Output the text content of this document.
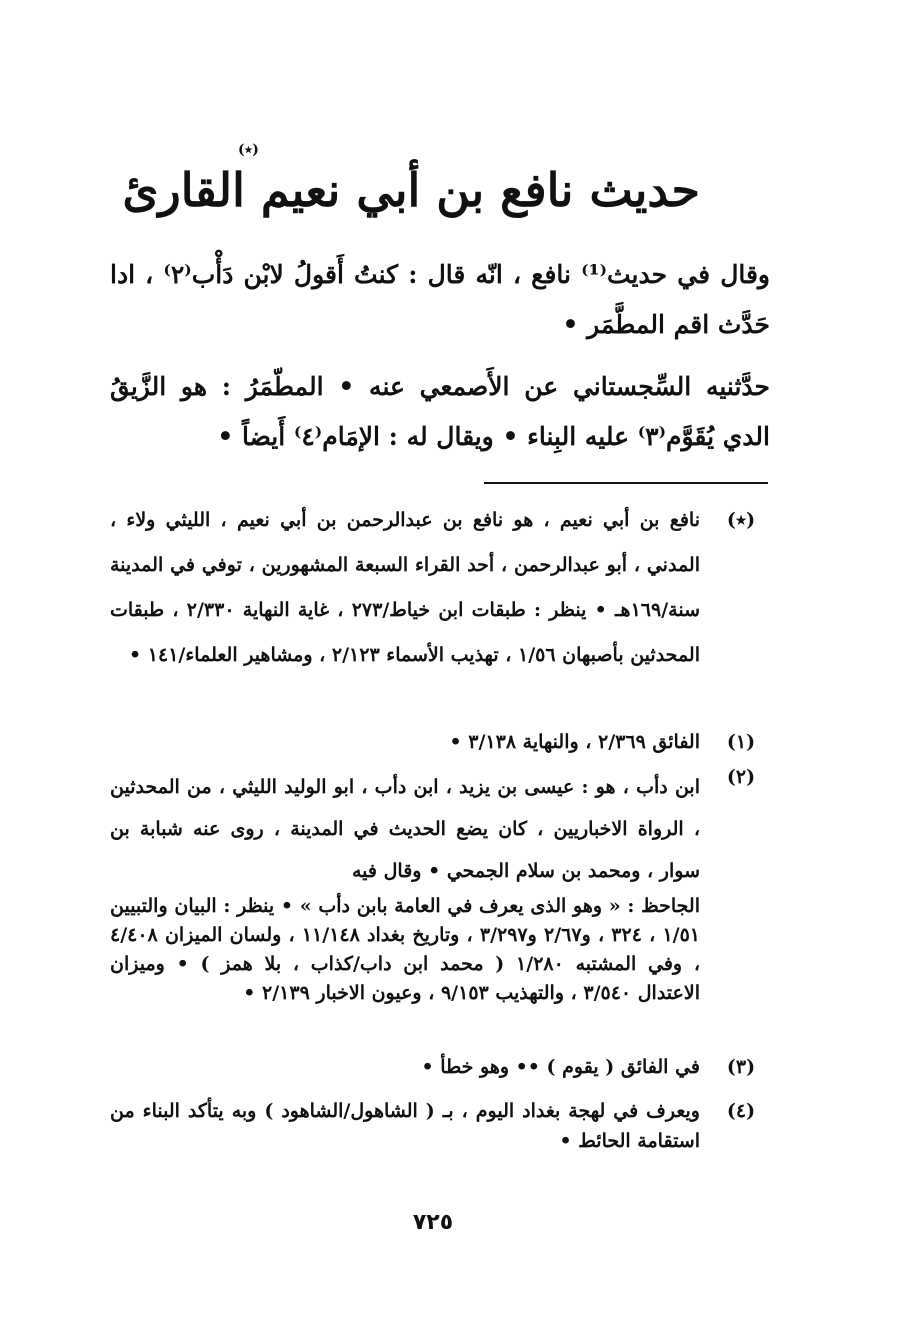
(٭)
حديث نافع بن أبي نعيم القارئ
وقال في حديث⁽¹⁾ نافع ، انّه قال : كنتُ أَقولُ لابْن دَأْب⁽٢⁾ ، ادا حَدَّث اقم المطَّمَر •
حدَّثنيه السِّجستاني عن الأَصمعي عنه • المطّمَرُ : هو الزَّيقُ الدي يُقَوَّم⁽٣⁾ عليه البِناء • ويقال له : الإمَام⁽٤⁾ أَيضاً •
(٭)
نافع بن أبي نعيم ، هو نافع بن عبدالرحمن بن أبي نعيم ، الليثي ولاء ، المدني ، أبو عبدالرحمن ، أحد القراء السبعة المشهورين ، توفي في المدينة سنة/١٦٩هـ • ينظر : طبقات ابن خياط/٢٧٣ ، غاية النهاية ٢/٣٣٠ ، طبقات المحدثين بأصبهان ١/٥٦ ، تهذيب الأسماء ٢/١٢٣ ، ومشاهير العلماء/١٤١ •
(١)
الفائق ٢/٣٦٩ ، والنهاية ٣/١٣٨ •
(٢)
ابن دأب ، هو : عيسى بن يزيد ، ابن دأب ، ابو الوليد الليثي ، من المحدثين ، الرواة الاخباريين ، كان يضع الحديث في المدينة ، روى عنه شبابة بن سوار ، ومحمد بن سلام الجمحي • وقال فيه
الجاحظ : « وهو الذى يعرف في العامة بابن دأب » • ينظر : البيان والتبيين ١/٥١ ، ٣٢٤ ، و٢/٦٧ و٣/٢٩٧ ، وتاريخ بغداد ١١/١٤٨ ، ولسان الميزان ٤/٤٠٨ ، وفي المشتبه ١/٢٨٠ ( محمد ابن داب/كذاب ، بلا همز ) • وميزان الاعتدال ٣/٥٤٠ ، والتهذيب ٩/١٥٣ ، وعيون الاخبار ٢/١٣٩ •
(٣)
في الفائق ( يقوم ) •• وهو خطأ •
(٤)
ويعرف في لهجة بغداد اليوم ، بـ ( الشاهول/الشاهود ) وبه يتأكد البناء من استقامة الحائط •
٧٢٥
